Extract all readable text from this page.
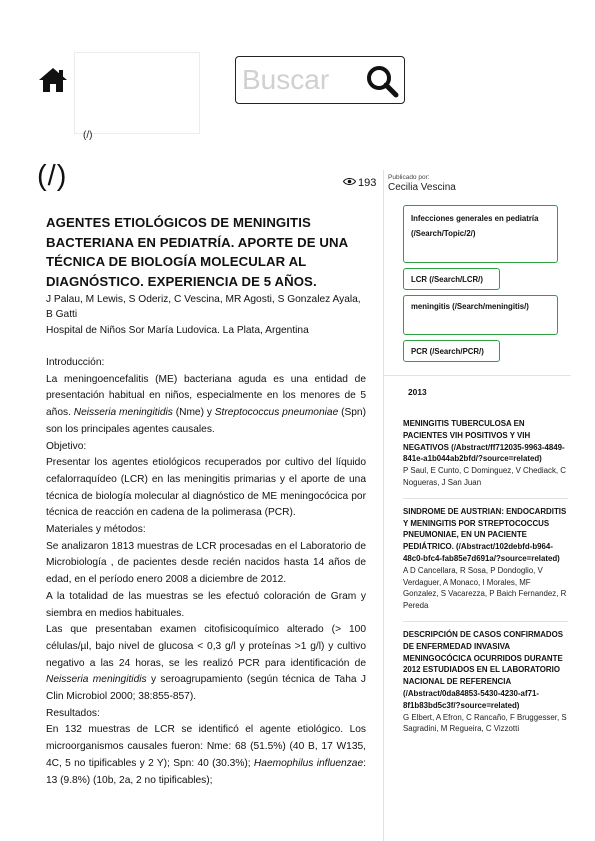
(/)
Buscar
(/)	193
AGENTES ETIOLÓGICOS DE MENINGITIS BACTERIANA EN PEDIATRÍA. APORTE DE UNA TÉCNICA DE BIOLOGÍA MOLECULAR AL DIAGNÓSTICO. EXPERIENCIA DE 5 AÑOS.
J Palau, M Lewis, S Oderiz, C Vescina, MR Agosti, S Gonzalez Ayala, B Gatti
Hospital de Niños Sor María Ludovica. La Plata, Argentina

Introducción:

La meningoencefalitis (ME) bacteriana aguda es una entidad de presentación habitual en niños, especialmente en los menores de 5 años. Neisseria meningitidis (Nme) y Streptococcus pneumoniae (Spn) son los principales agentes causales.

Objetivo:

Presentar los agentes etiológicos recuperados por cultivo del líquido cefalorraquídeo (LCR) en las meningitis primarias y el aporte de una técnica de biología molecular al diagnóstico de ME meningocócica por técnica de reacción en cadena de la polimerasa (PCR).

Materiales y métodos:

Se analizaron 1813 muestras de LCR procesadas en el Laboratorio de Microbiología , de pacientes desde recién nacidos hasta 14 años de edad, en el período enero 2008 a diciembre de 2012.

A la totalidad de las muestras se les efectuó coloración de Gram y siembra en medios habituales.

Las que presentaban examen citofisicoquímico alterado (> 100 células/µl, bajo nivel de glucosa < 0,3 g/l y proteínas >1 g/l) y cultivo negativo a las 24 horas, se les realizó PCR para identificación de Neisseria meningitidis y seroagrupamiento (según técnica de Taha J Clin Microbiol 2000; 38:855-857).

Resultados:

En 132 muestras de LCR se identificó el agente etiológico. Los microorganismos causales fueron: Nme: 68 (51.5%) (40 B, 17 W135, 4C, 5 no tipificables y 2 Y); Spn: 40 (30.3%); Haemophilus influenzae: 13 (9.8%) (10b, 2a, 2 no tipificables);

Publicado por:
Cecilia Vescina
Infecciones generales en pediatría (/Search/Topic/2/)
LCR (/Search/LCR/)
meningitis (/Search/meningitis/)
PCR (/Search/PCR/)
2013
MENINGITIS TUBERCULOSA EN PACIENTES VIH POSITIVOS Y VIH NEGATIVOS (/Abstract/ff712035-9963-4849-841e-a1b044ab2bfd/?source=related)
P Saul, E Cunto, C Dominguez, V Chediack, C Nogueras, J San Juan
SINDROME DE AUSTRIAN: ENDOCARDITIS Y MENINGITIS POR STREPTOCOCCUS PNEUMONIAE, EN UN PACIENTE PEDIÁTRICO. (/Abstract/102debfd-b964-48c0-bfc4-fab85e7d691a/?source=related)
A D Cancellara, R Sosa, P Dondoglio, V Verdaguer, A Monaco, I Morales, MF Gonzalez, S Vacarezza, P Baich Fernandez, R Pereda
DESCRIPCIÓN DE CASOS CONFIRMADOS DE ENFERMEDAD INVASIVA MENINGOCÓCICA OCURRIDOS DURANTE 2012 ESTUDIADOS EN EL LABORATORIO NACIONAL DE REFERENCIA (/Abstract/0da84853-5430-4230-af71-8f1b83bd5c3f/?source=related)
G Elbert, A Efron, C Rancaño, F Bruggesser, S Sagradini, M Regueira, C Vizzotti
